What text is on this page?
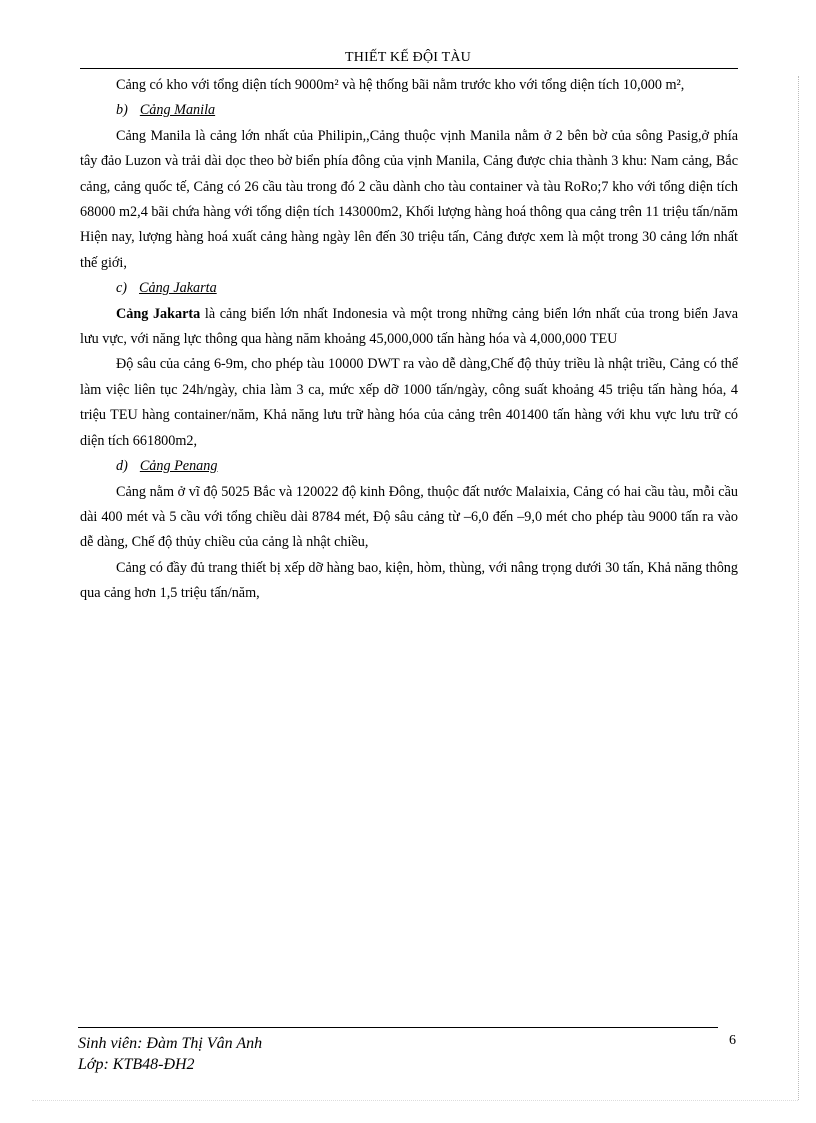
THIẾT KẾ ĐỘI TÀU

Cảng có kho với tổng diện tích 9000m² và hệ thống bãi nằm trước kho với tổng diện tích 10,000 m²,

b) Cảng Manila

Cảng Manila là cảng lớn nhất của Philipin,,Cảng thuộc vịnh Manila nằm ở 2 bên bờ của sông Pasig,ở phía tây đảo Luzon và trải dài dọc theo bờ biển phía đông của vịnh Manila, Cảng được chia thành 3 khu: Nam cảng, Bắc cảng, cảng quốc tế, Cảng có 26 cầu tàu trong đó 2 cầu dành cho tàu container và tàu RoRo;7 kho với tổng diện tích 68000 m2,4 bãi chứa hàng với tổng diện tích 143000m2, Khối lượng hàng hoá thông qua cảng trên 11 triệu tấn/năm Hiện nay, lượng hàng hoá xuất cảng hàng ngày lên đến 30 triệu tấn, Cảng được xem là một trong 30 cảng lớn nhất thế giới,

c) Cảng Jakarta

Cảng Jakarta là cảng biển lớn nhất Indonesia và một trong những cảng biển lớn nhất của trong biển Java lưu vực, với năng lực thông qua hàng năm khoảng 45,000,000 tấn hàng hóa và 4,000,000 TEU

Độ sâu của cảng 6-9m, cho phép tàu 10000 DWT ra vào dễ dàng,Chế độ thủy triều là nhật triều, Cảng có thể làm việc liên tục 24h/ngày, chia làm 3 ca, mức xếp dỡ 1000 tấn/ngày, công suất khoảng 45 triệu tấn hàng hóa, 4 triệu TEU hàng container/năm, Khả năng lưu trữ hàng hóa của cảng trên 401400 tấn hàng với khu vực lưu trữ có diện tích 661800m2,

d) Cảng Penang

Cảng nằm ở vĩ độ 5025 Bắc và 120022 độ kinh Đông, thuộc đất nước Malaixia, Cảng có hai cầu tàu, mỗi cầu dài 400 mét và 5 cầu với tổng chiều dài 8784 mét, Độ sâu cảng từ –6,0 đến –9,0 mét cho phép tàu 9000 tấn ra vào dễ dàng, Chế độ thủy chiều của cảng là nhật chiều,

Cảng có đầy đủ trang thiết bị xếp dỡ hàng bao, kiện, hòm, thùng, với nâng trọng dưới 30 tấn, Khả năng thông qua cảng hơn 1,5 triệu tấn/năm,

Sinh viên: Đàm Thị Vân Anh
Lớp: KTB48-ĐH2
6
